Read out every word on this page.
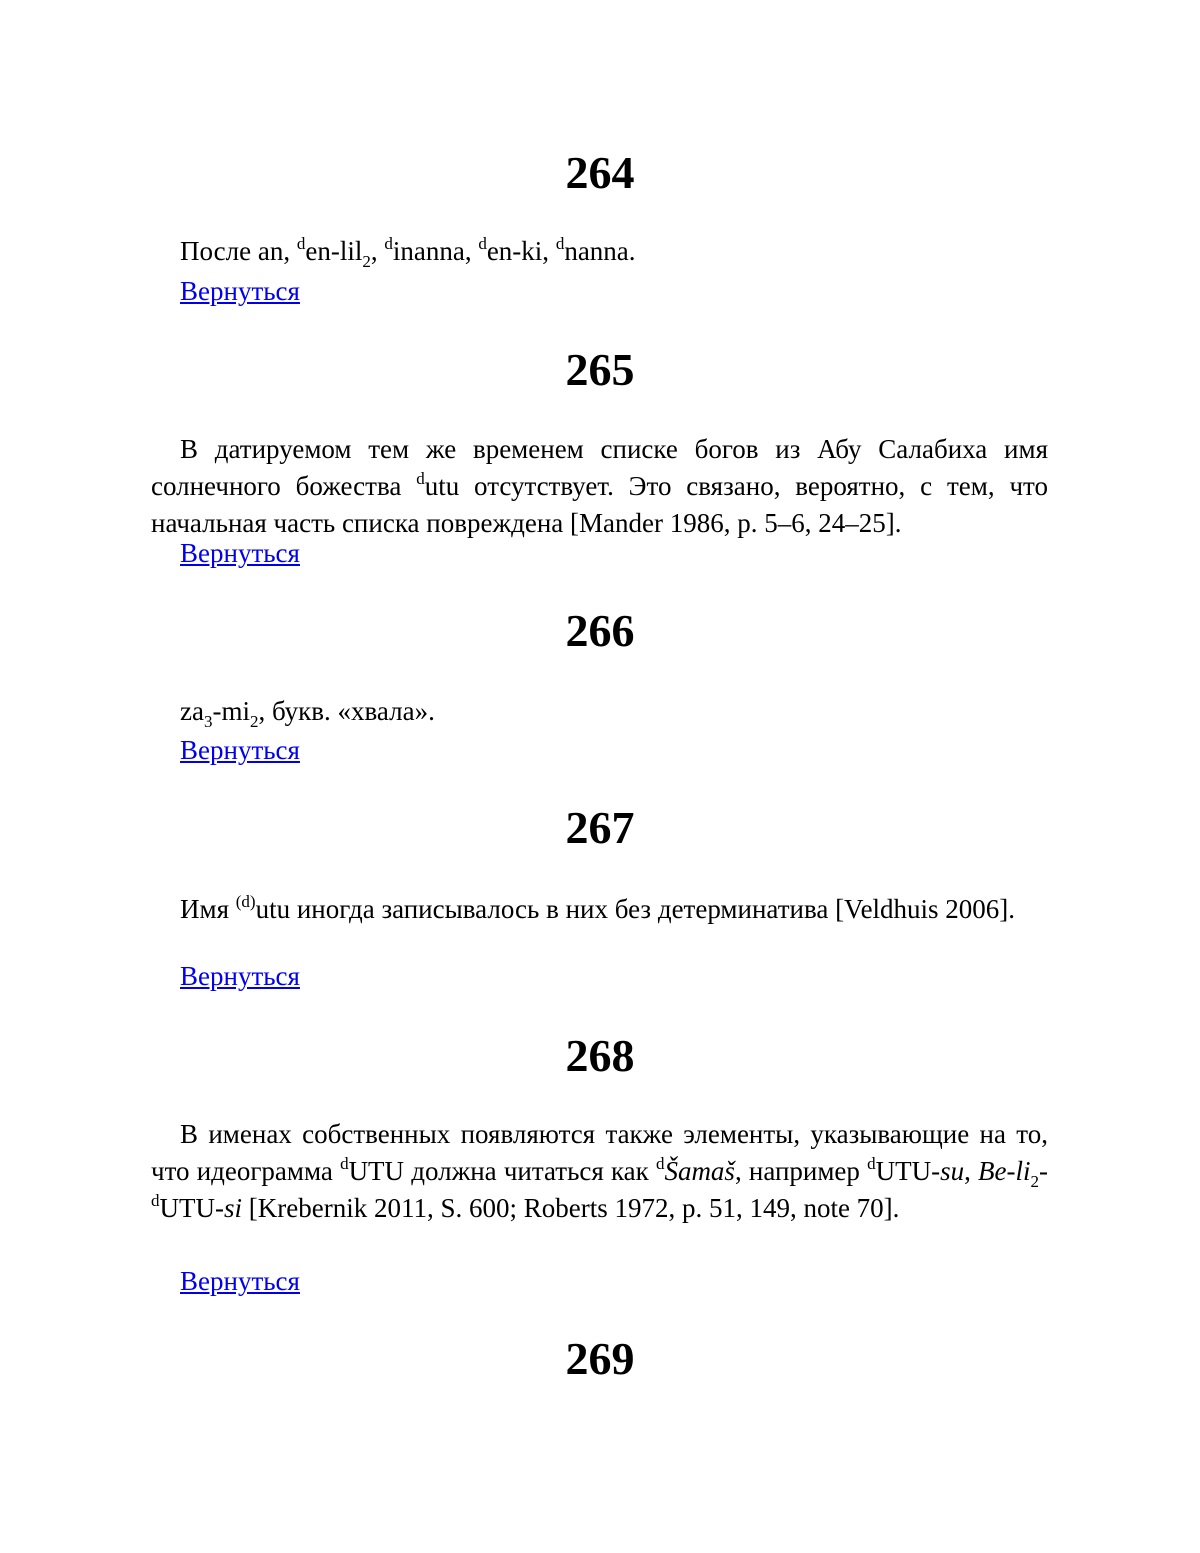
264

После an, $^d$en-lil$_2$, $^d$inanna, $^d$en-ki, $^d$nanna.

Вернуться
265

В датируемом тем же временем списке богов из Абу Салабиха имя солнечного божества $^d$utu отсутствует. Это связано, вероятно, с тем, что начальная часть списка повреждена [Mander 1986, p. 5–6, 24–25].

Вернуться
266

$za_3-mi_2$, букв. «хвала».

Вернуться
267

Имя $^{(d)}$utu иногда записывалось в них без детерминатива [Veldhuis 2006].

Вернуться
268

В именах собственных появляются также элементы, указывающие на то, что идеограмма $^d$UTU должна читаться как $^d$Šamaš, например $^d$UTU-su, $Be-li_2-^dUTU-si$ [Krebernik 2011, S. 600; Roberts 1972, p. 51, 149, note 70].

Вернуться
269
